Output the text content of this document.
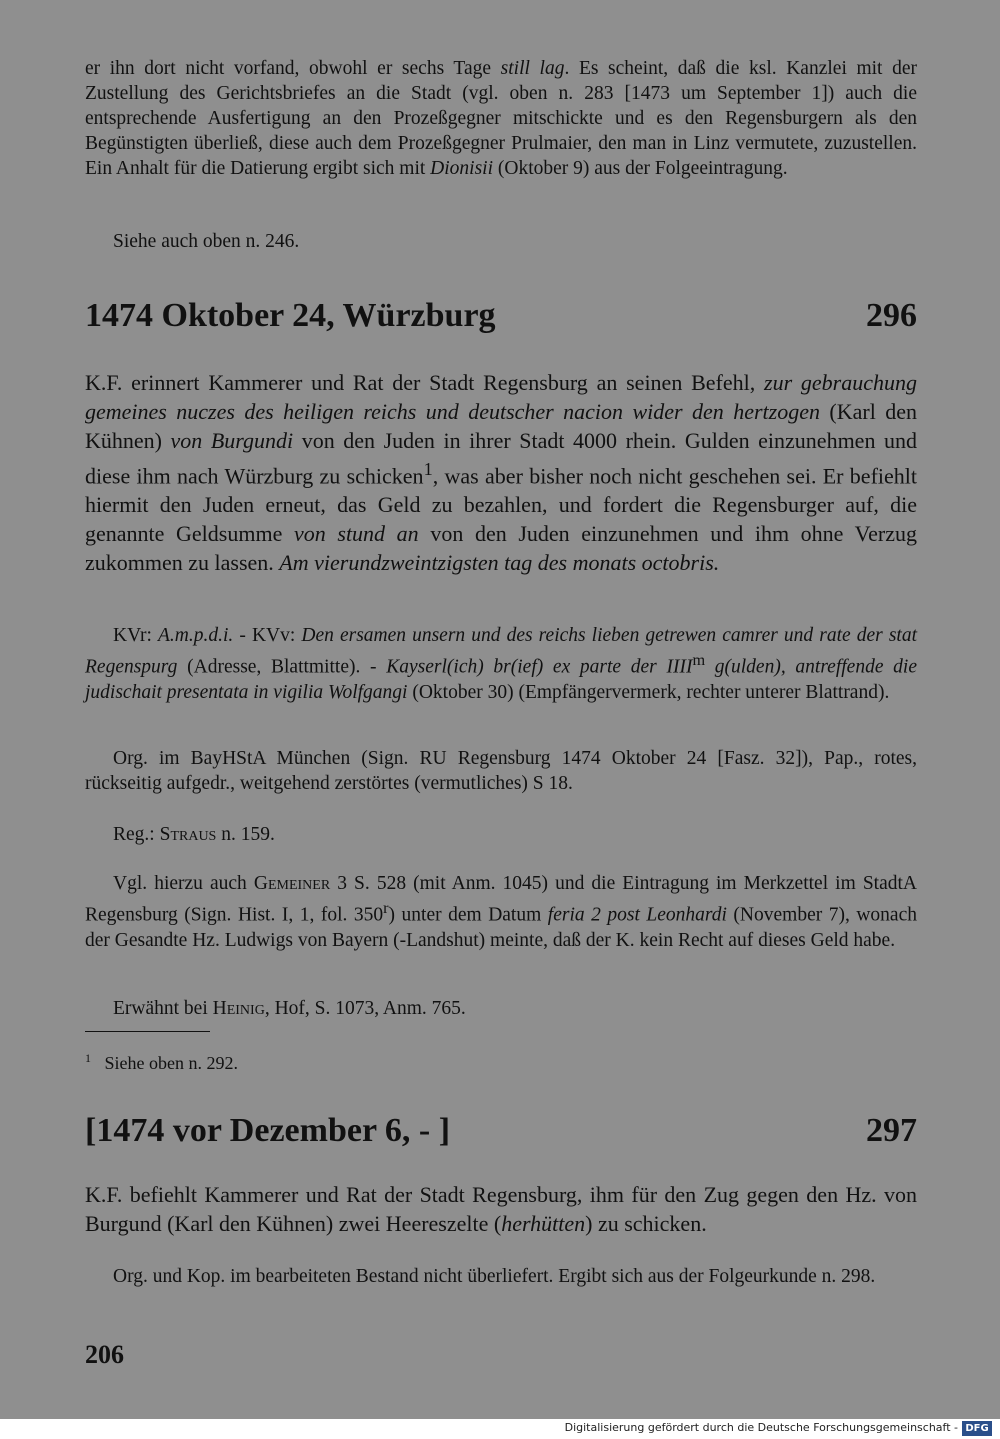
er ihn dort nicht vorfand, obwohl er sechs Tage still lag. Es scheint, daß die ksl. Kanzlei mit der Zustellung des Gerichtsbriefes an die Stadt (vgl. oben n. 283 [1473 um September 1]) auch die entsprechende Ausfertigung an den Prozeßgegner mitschickte und es den Regensburgern als den Begünstigten überließ, diese auch dem Prozeßgegner Prulmaier, den man in Linz vermutete, zuzustellen. Ein Anhalt für die Datierung ergibt sich mit Dionisii (Oktober 9) aus der Folgeeintragung.

Siehe auch oben n. 246.

1474 Oktober 24, Würzburg	296

K.F. erinnert Kammerer und Rat der Stadt Regensburg an seinen Befehl, zur gebrauchung gemeines nuczes des heiligen reichs und deutscher nacion wider den hertzogen (Karl den Kühnen) von Burgundi von den Juden in ihrer Stadt 4000 rhein. Gulden einzunehmen und diese ihm nach Würzburg zu schicken$^1$, was aber bisher noch nicht geschehen sei. Er befiehlt hiermit den Juden erneut, das Geld zu bezahlen, und fordert die Regensburger auf, die genannte Geldsumme von stund an von den Juden einzunehmen und ihm ohne Verzug zukommen zu lassen. Am vierundzweintzigsten tag des monats octobris.

KVr: A.m.p.d.i. - KVv: Den ersamen unsern und des reichs lieben getrewen camrer und rate der stat Regenspurg (Adresse, Blattmitte). - Kayserl(ich) br(ief) ex parte der IIII$^m$ g(ulden), antreffende die judischait presentata in vigilia Wolfgangi (Oktober 30) (Empfängervermerk, rechter unterer Blattrand).

Org. im BayHStA München (Sign. RU Regensburg 1474 Oktober 24 [Fasz. 32]), Pap., rotes, rückseitig aufgedr., weitgehend zerstörtes (vermutliches) S 18.

Reg.: Straus n. 159.

Vgl. hierzu auch Gemeiner 3 S. 528 (mit Anm. 1045) und die Eintragung im Merkzettel im StadtA Regensburg (Sign. Hist. I, 1, fol. 350$^r$) unter dem Datum feria 2 post Leonhardi (November 7), wonach der Gesandte Hz. Ludwigs von Bayern (-Landshut) meinte, daß der K. kein Recht auf dieses Geld habe.

Erwähnt bei Heinig, Hof, S. 1073, Anm. 765.

$^1$ Siehe oben n. 292.

[1474 vor Dezember 6, - ]	297

K.F. befiehlt Kammerer und Rat der Stadt Regensburg, ihm für den Zug gegen den Hz. von Burgund (Karl den Kühnen) zwei Heereszelte (herhütten) zu schicken.

Org. und Kop. im bearbeiteten Bestand nicht überliefert. Ergibt sich aus der Folgeurkunde n. 298.

206
Digitalisierung gefördert durch die Deutsche Forschungsgemeinschaft - DFG
